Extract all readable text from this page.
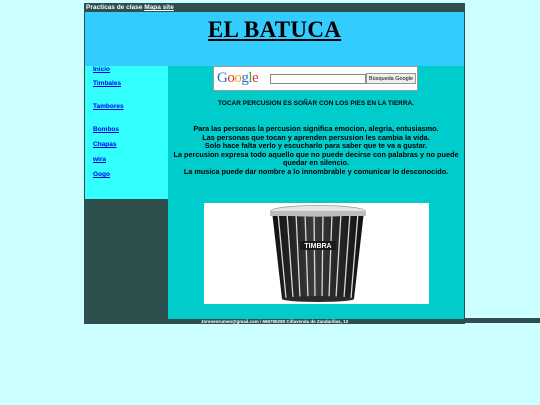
Practicas de clase Mapa site
EL BATUCA
Inicio
Timbales
Tambores
Bombos
Chapas
wira
Gogo
Google	Búsqueda Google
TOCAR PERCUSION ES SOÑAR CON LOS PIES EN LA TIERRA.

Para las personas la percusion significa emocion, alegria, entusiasmo.

Las personas que tocan y aprenden persusion les cambia la vida.

Solo hace falta verlo y escucharlo para saber que te va a gustar.

La percusion expresa todo aquello que no puede decirse con palabras y no puede quedar en silencio.

La musica puede dar nombre a lo innombrable y comunicar lo desconocido.

TIMBRA
Jorovenrumeo@gmail.com / 666795280 Ciñavenda de Zandarillas, 13
